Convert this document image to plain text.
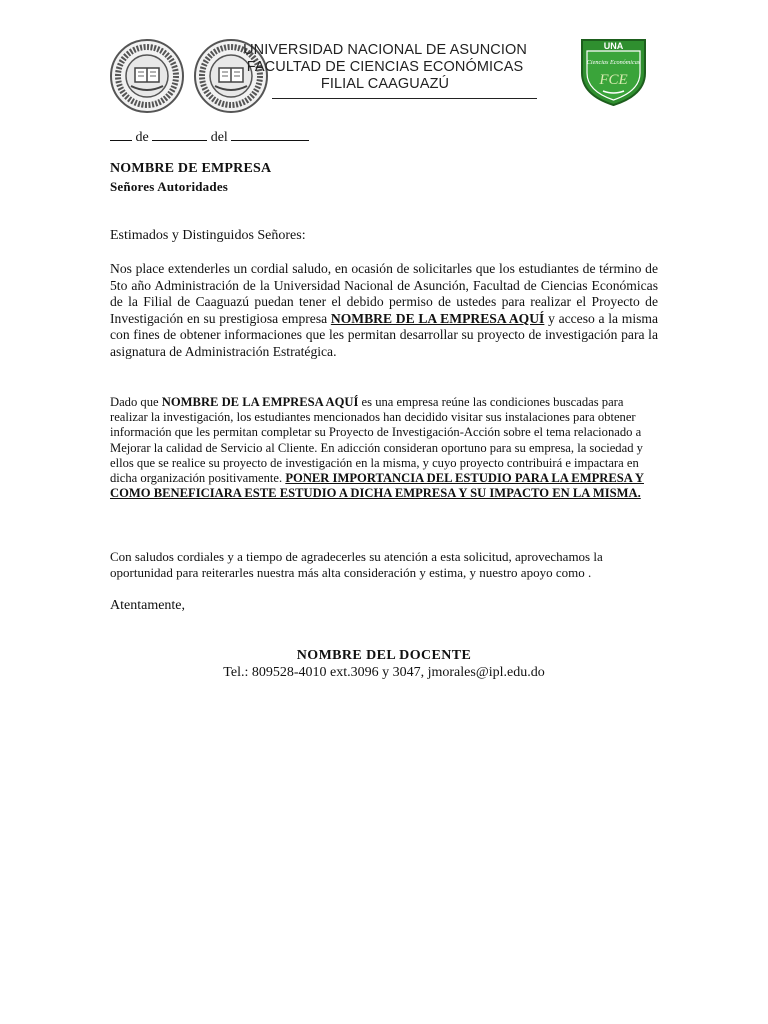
UNIVERSIDAD NACIONAL DE ASUNCION
FACULTAD DE CIENCIAS ECONÓMICAS
FILIAL CAAGUAZÚ
UNA
Ciencias Económicas
FCE
de	del
NOMBRE DE EMPRESA
Señores Autoridades
Estimados y Distinguidos Señores:
Nos place extenderles un cordial saludo, en ocasión de solicitarles que los estudiantes de término de 5to año Administración de la Universidad Nacional de Asunción, Facultad de Ciencias Económicas de la Filial de Caaguazú puedan tener el debido permiso de ustedes para realizar el Proyecto de Investigación en su prestigiosa empresa NOMBRE DE LA EMPRESA AQUÍ y acceso a la misma con fines de obtener informaciones que les permitan desarrollar su proyecto de investigación para la asignatura de Administración Estratégica.
Dado que NOMBRE DE LA EMPRESA AQUÍ es una empresa reúne las condiciones buscadas para realizar la investigación, los estudiantes mencionados han decidido visitar sus instalaciones para obtener información que les permitan completar su Proyecto de Investigación-Acción sobre el tema relacionado a Mejorar la calidad de Servicio al Cliente. En adicción consideran oportuno para su empresa, la sociedad y ellos que se realice su proyecto de investigación en la misma, y cuyo proyecto contribuirá e impactara en dicha organización positivamente. PONER IMPORTANCIA DEL ESTUDIO PARA LA EMPRESA Y COMO BENEFICIARA ESTE ESTUDIO A DICHA EMPRESA Y SU IMPACTO EN LA MISMA.
Con saludos cordiales y a tiempo de agradecerles su atención a esta solicitud, aprovechamos la oportunidad para reiterarles nuestra más alta consideración y estima, y nuestro apoyo como .
Atentamente,
NOMBRE DEL DOCENTE
Tel.: 809528-4010 ext.3096 y 3047, jmorales@ipl.edu.do
